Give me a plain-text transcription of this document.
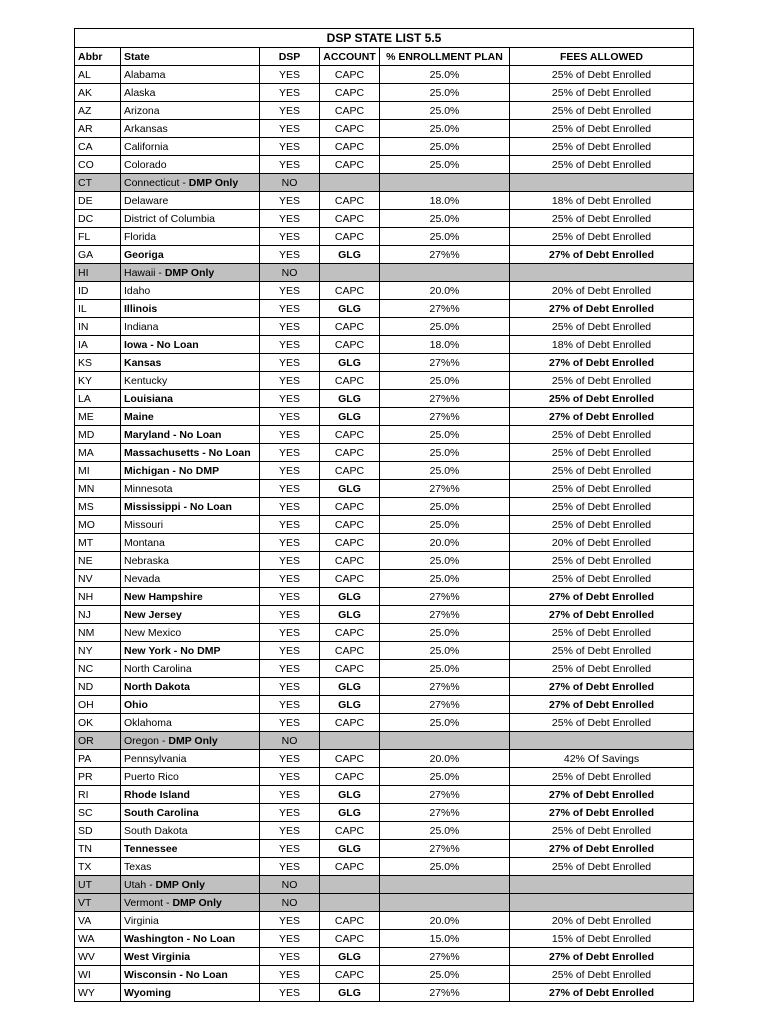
DSP STATE LIST 5.5					
Abbr	State	DSP	ACCOUNT	% ENROLLMENT PLAN	FEES ALLOWED
AL	Alabama	YES	CAPC	25.0%	25% of Debt Enrolled
AK	Alaska	YES	CAPC	25.0%	25% of Debt Enrolled
AZ	Arizona	YES	CAPC	25.0%	25% of Debt Enrolled
AR	Arkansas	YES	CAPC	25.0%	25% of Debt Enrolled
CA	California	YES	CAPC	25.0%	25% of Debt Enrolled
CO	Colorado	YES	CAPC	25.0%	25% of Debt Enrolled
CT	Connecticut - DMP Only	NO			
DE	Delaware	YES	CAPC	18.0%	18% of Debt Enrolled
DC	District of Columbia	YES	CAPC	25.0%	25% of Debt Enrolled
FL	Florida	YES	CAPC	25.0%	25% of Debt Enrolled
GA	Georiga	YES	GLG	27%%	27% of Debt Enrolled
HI	Hawaii - DMP Only	NO			
ID	Idaho	YES	CAPC	20.0%	20% of Debt Enrolled
IL	Illinois	YES	GLG	27%%	27% of Debt Enrolled
IN	Indiana	YES	CAPC	25.0%	25% of Debt Enrolled
IA	Iowa - No Loan	YES	CAPC	18.0%	18% of Debt Enrolled
KS	Kansas	YES	GLG	27%%	27% of Debt Enrolled
KY	Kentucky	YES	CAPC	25.0%	25% of Debt Enrolled
LA	Louisiana	YES	GLG	27%%	25% of Debt Enrolled
ME	Maine	YES	GLG	27%%	27% of Debt Enrolled
MD	Maryland - No Loan	YES	CAPC	25.0%	25% of Debt Enrolled
MA	Massachusetts - No Loan	YES	CAPC	25.0%	25% of Debt Enrolled
MI	Michigan - No DMP	YES	CAPC	25.0%	25% of Debt Enrolled
MN	Minnesota	YES	GLG	27%%	25% of Debt Enrolled
MS	Mississippi - No Loan	YES	CAPC	25.0%	25% of Debt Enrolled
MO	Missouri	YES	CAPC	25.0%	25% of Debt Enrolled
MT	Montana	YES	CAPC	20.0%	20% of Debt Enrolled
NE	Nebraska	YES	CAPC	25.0%	25% of Debt Enrolled
NV	Nevada	YES	CAPC	25.0%	25% of Debt Enrolled
NH	New Hampshire	YES	GLG	27%%	27% of Debt Enrolled
NJ	New Jersey	YES	GLG	27%%	27% of Debt Enrolled
NM	New Mexico	YES	CAPC	25.0%	25% of Debt Enrolled
NY	New York - No DMP	YES	CAPC	25.0%	25% of Debt Enrolled
NC	North Carolina	YES	CAPC	25.0%	25% of Debt Enrolled
ND	North Dakota	YES	GLG	27%%	27% of Debt Enrolled
OH	Ohio	YES	GLG	27%%	27% of Debt Enrolled
OK	Oklahoma	YES	CAPC	25.0%	25% of Debt Enrolled
OR	Oregon - DMP Only	NO			
PA	Pennsylvania	YES	CAPC	20.0%	42% Of Savings
PR	Puerto Rico	YES	CAPC	25.0%	25% of Debt Enrolled
RI	Rhode Island	YES	GLG	27%%	27% of Debt Enrolled
SC	South Carolina	YES	GLG	27%%	27% of Debt Enrolled
SD	South Dakota	YES	CAPC	25.0%	25% of Debt Enrolled
TN	Tennessee	YES	GLG	27%%	27% of Debt Enrolled
TX	Texas	YES	CAPC	25.0%	25% of Debt Enrolled
UT	Utah - DMP Only	NO			
VT	Vermont - DMP Only	NO			
VA	Virginia	YES	CAPC	20.0%	20% of Debt Enrolled
WA	Washington - No Loan	YES	CAPC	15.0%	15% of Debt Enrolled
WV	West Virginia	YES	GLG	27%%	27% of Debt Enrolled
WI	Wisconsin - No Loan	YES	CAPC	25.0%	25% of Debt Enrolled
WY	Wyoming	YES	GLG	27%%	27% of Debt Enrolled
